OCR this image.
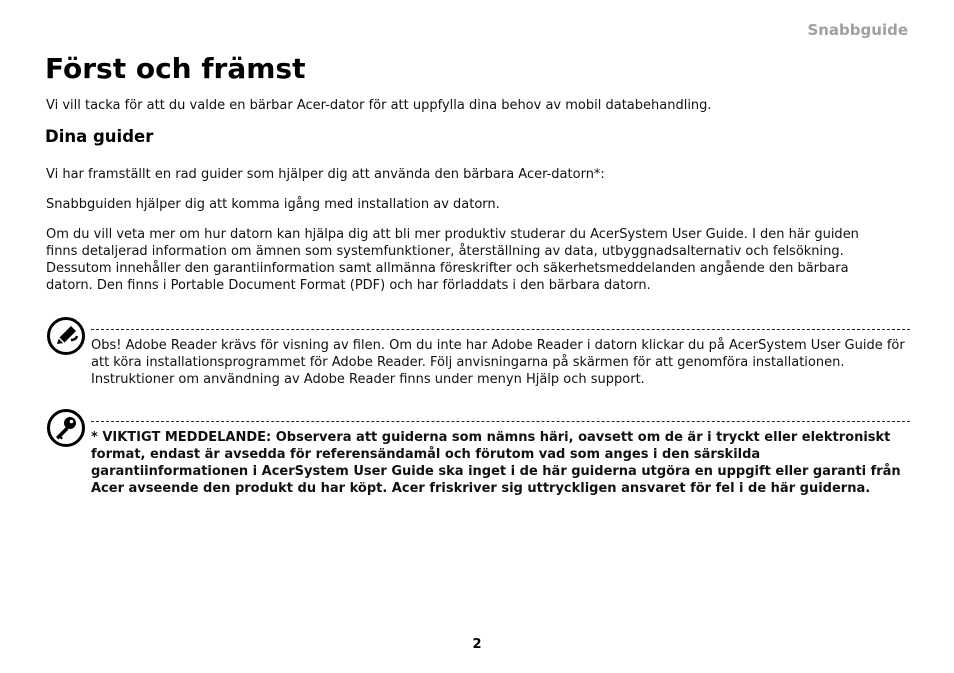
Snabbguide
Först och främst

Vi vill tacka för att du valde en bärbar Acer-dator för att uppfylla dina behov av mobil databehandling.

Dina guider

Vi har framställt en rad guider som hjälper dig att använda den bärbara Acer-datorn*:

Snabbguiden hjälper dig att komma igång med installation av datorn.

Om du vill veta mer om hur datorn kan hjälpa dig att bli mer produktiv studerar du AcerSystem User Guide. I den här guiden finns detaljerad information om ämnen som systemfunktioner, återställning av data, utbyggnadsalternativ och felsökning. Dessutom innehåller den garantiinformation samt allmänna föreskrifter och säkerhetsmeddelanden angående den bärbara datorn. Den finns i Portable Document Format (PDF) och har förladdats i den bärbara datorn.

Obs! Adobe Reader krävs för visning av filen. Om du inte har Adobe Reader i datorn klickar du på AcerSystem User Guide för att köra installationsprogrammet för Adobe Reader. Följ anvisningarna på skärmen för att genomföra installationen. Instruktioner om användning av Adobe Reader finns under menyn Hjälp och support.

* VIKTIGT MEDDELANDE: Observera att guiderna som nämns häri, oavsett om de är i tryckt eller elektroniskt format, endast är avsedda för referensändamål och förutom vad som anges i den särskilda garantiinformationen i AcerSystem User Guide ska inget i de här guiderna utgöra en uppgift eller garanti från Acer avseende den produkt du har köpt. Acer friskriver sig uttryckligen ansvaret för fel i de här guiderna.

2
